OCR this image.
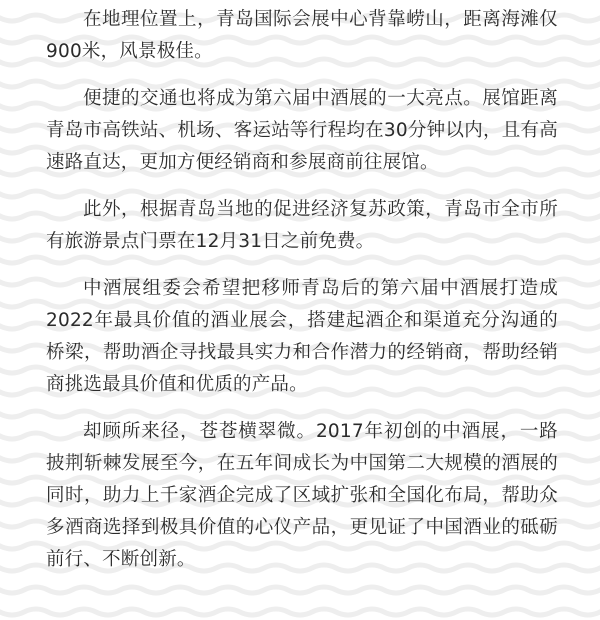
在地理位置上，青岛国际会展中心背靠崂山，距离海滩仅900米，风景极佳。

便捷的交通也将成为第六届中酒展的一大亮点。展馆距离青岛市高铁站、机场、客运站等行程均在30分钟以内，且有高速路直达，更加方便经销商和参展商前往展馆。

此外，根据青岛当地的促进经济复苏政策，青岛市全市所有旅游景点门票在12月31日之前免费。

中酒展组委会希望把移师青岛后的第六届中酒展打造成2022年最具价值的酒业展会，搭建起酒企和渠道充分沟通的桥梁，帮助酒企寻找最具实力和合作潜力的经销商，帮助经销商挑选最具价值和优质的产品。

却顾所来径，苍苍横翠微。2017年初创的中酒展，一路披荆斩棘发展至今，在五年间成长为中国第二大规模的酒展的同时，助力上千家酒企完成了区域扩张和全国化布局，帮助众多酒商选择到极具价值的心仪产品，更见证了中国酒业的砥砺前行、不断创新。
